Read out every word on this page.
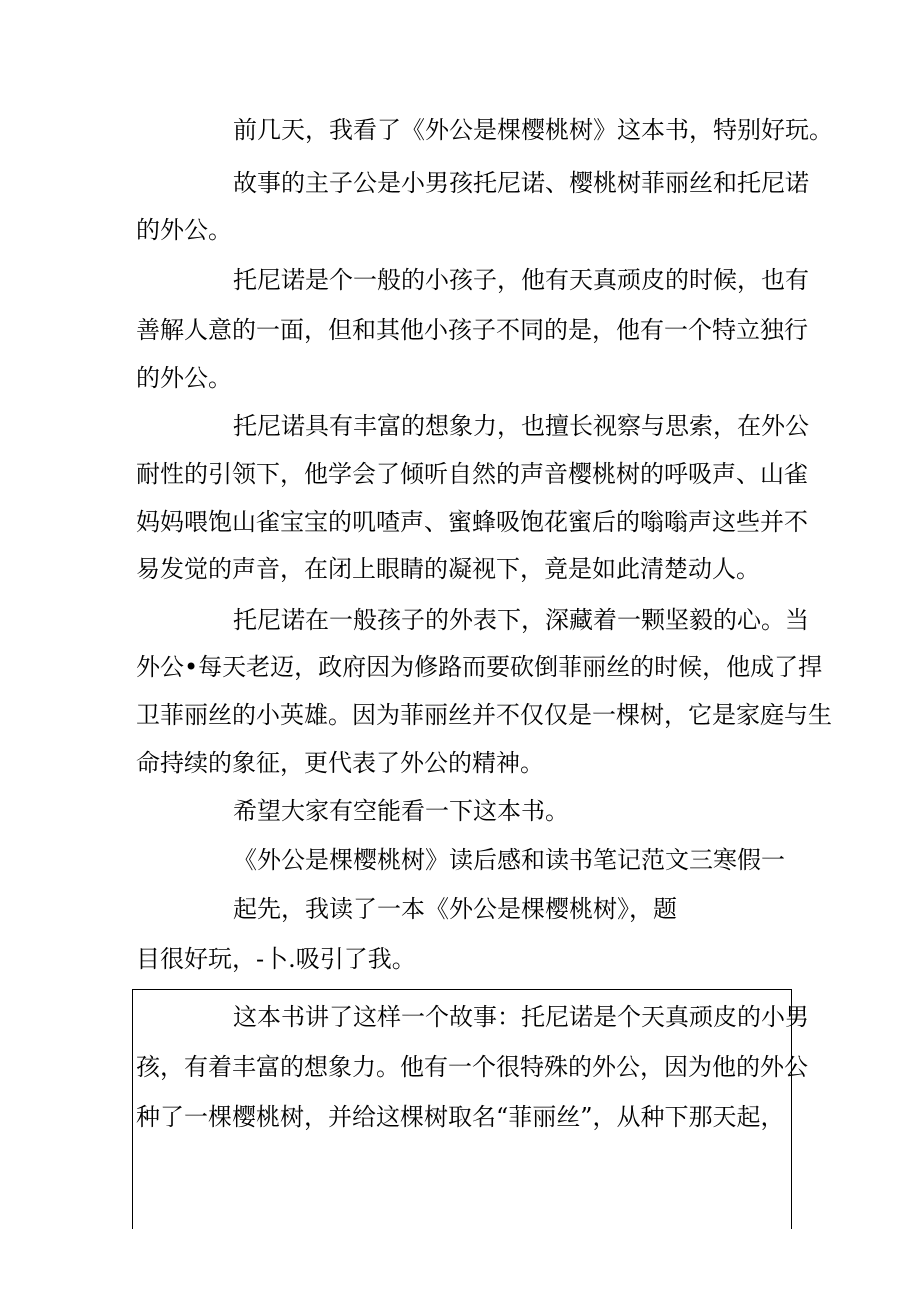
前几天，我看了《外公是棵樱桃树》这本书，特别好玩。

故事的主子公是小男孩托尼诺、樱桃树菲丽丝和托尼诺

的外公。

托尼诺是个一般的小孩子，他有天真顽皮的时候，也有

善解人意的一面，但和其他小孩子不同的是，他有一个特立独行

的外公。

托尼诺具有丰富的想象力，也擅长视察与思索，在外公

耐性的引领下，他学会了倾听自然的声音樱桃树的呼吸声、山雀

妈妈喂饱山雀宝宝的叽喳声、蜜蜂吸饱花蜜后的嗡嗡声这些并不

易发觉的声音，在闭上眼睛的凝视下，竟是如此清楚动人。

托尼诺在一般孩子的外表下，深藏着一颗坚毅的心。当

外公•每天老迈，政府因为修路而要砍倒菲丽丝的时候，他成了捍

卫菲丽丝的小英雄。因为菲丽丝并不仅仅是一棵树，它是家庭与生

命持续的象征，更代表了外公的精神。

希望大家有空能看一下这本书。

《外公是棵樱桃树》读后感和读书笔记范文三寒假一

起先，我读了一本《外公是棵樱桃树》，题

目很好玩，-卜.吸引了我。

这本书讲了这样一个故事：托尼诺是个天真顽皮的小男

孩，有着丰富的想象力。他有一个很特殊的外公，因为他的外公

种了一棵樱桃树，并给这棵树取名“菲丽丝”，从种下那天起，
